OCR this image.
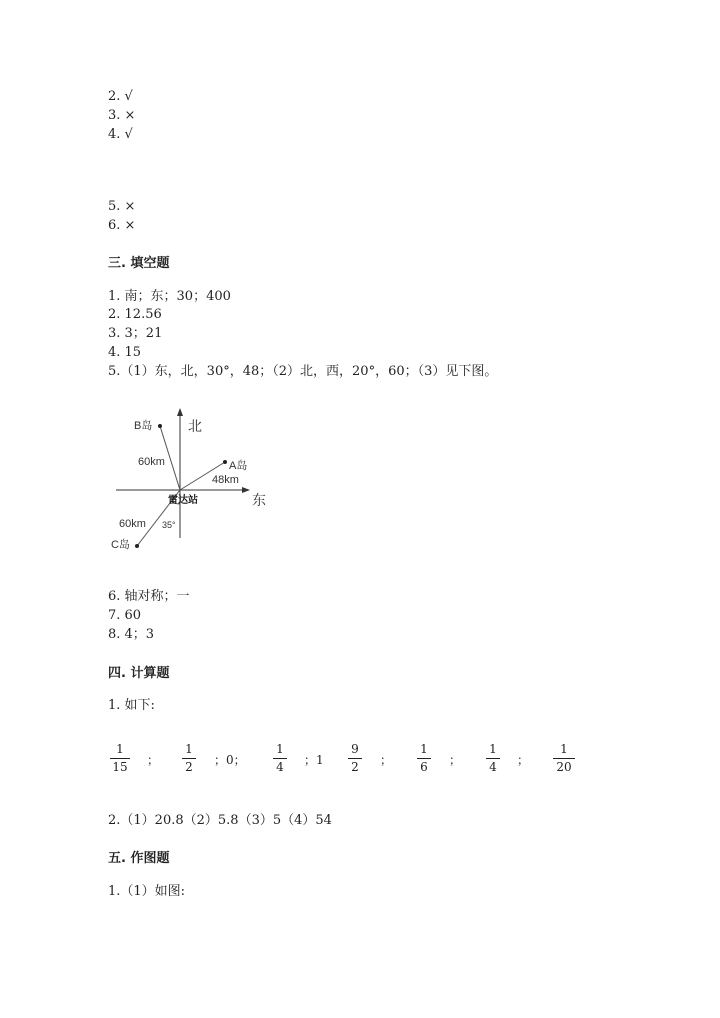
2. √
3. ×
4. √
5. ×
6. ×
三. 填空题
1. 南；东；30；400
2. 12.56
3. 3；21
4. 15
5.（1）东，北，30°，48；（2）北，西，20°，60；（3）见下图。
北
东
雷达站
A岛
B岛
C岛
48km
60km
60km 35°
6. 轴对称；一
7. 60
8. 4；3
四. 计算题
1. 如下:
1
15 ；
1
2 ；0；
1
4 ；1
9
2 ；
1
6 ；
1
4 ；
1
20
2.（1）20.8（2）5.8（3）5（4）54
五. 作图题
1.（1）如图:
